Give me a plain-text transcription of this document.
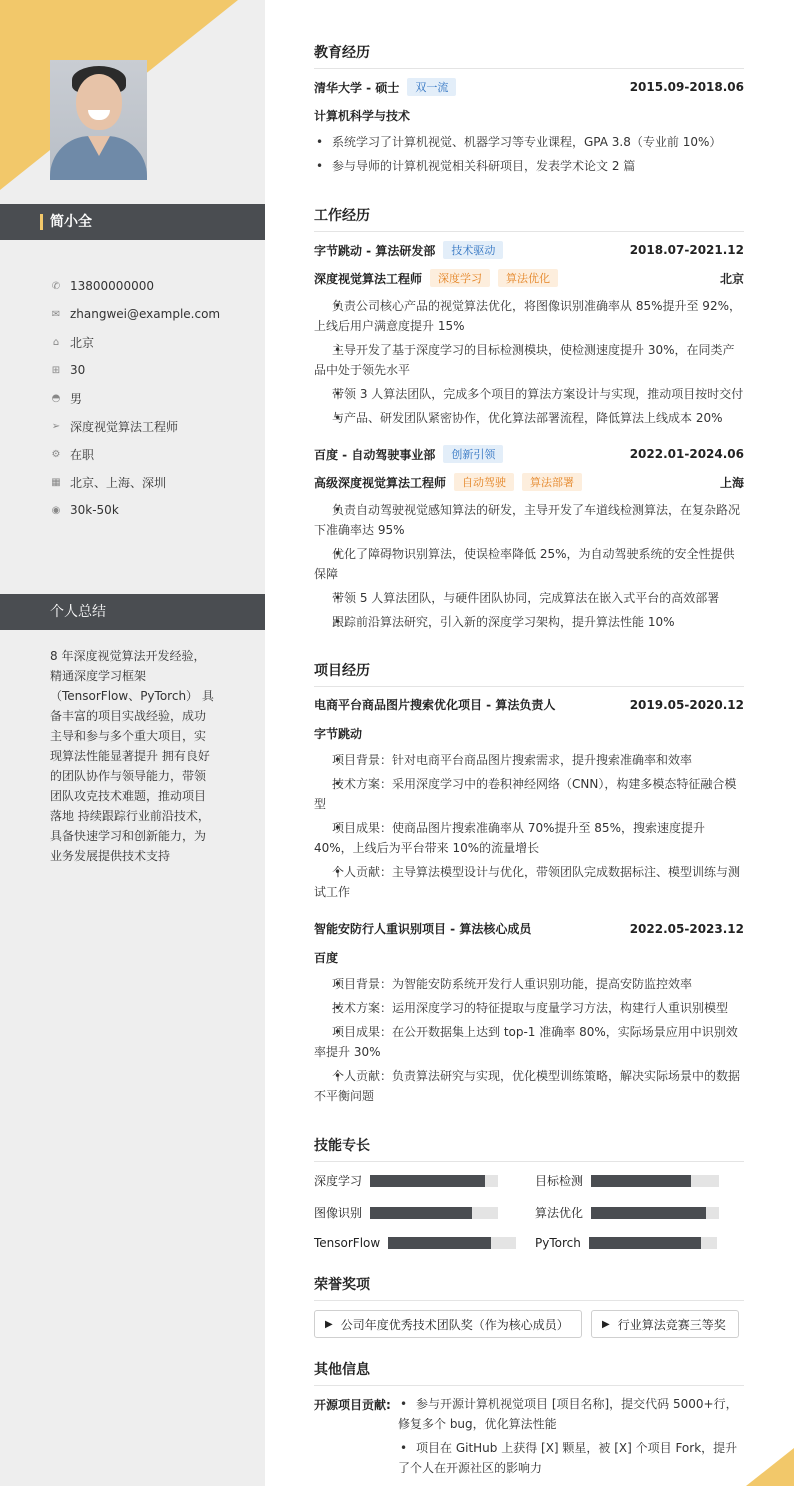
简小全
✆ 13800000000
✉ zhangwei@example.com
⌂ 北京
⊞ 30
◓ 男
➢ 深度视觉算法工程师
⚙ 在职
▦ 北京、上海、深圳
◉ 30k-50k
个人总结
8 年深度视觉算法开发经验，精通深度学习框架（TensorFlow、PyTorch） 具备丰富的项目实战经验，成功主导和参与多个重大项目，实现算法性能显著提升 拥有良好的团队协作与领导能力，带领团队攻克技术难题，推动项目落地 持续跟踪行业前沿技术，具备快速学习和创新能力，为业务发展提供技术支持
教育经历
清华大学 - 硕士	双一流	2015.09-2018.06
计算机科学与技术
• 系统学习了计算机视觉、机器学习等专业课程，GPA 3.8（专业前 10%）
• 参与导师的计算机视觉相关科研项目，发表学术论文 2 篇
工作经历
字节跳动 - 算法研发部	技术驱动	2018.07-2021.12
深度视觉算法工程师	深度学习	算法优化	北京
• 负责公司核心产品的视觉算法优化，将图像识别准确率从 85%提升至 92%，上线后用户满意度提升 15%
• 主导开发了基于深度学习的目标检测模块，使检测速度提升 30%，在同类产品中处于领先水平
• 带领 3 人算法团队，完成多个项目的算法方案设计与实现，推动项目按时交付
• 与产品、研发团队紧密协作，优化算法部署流程，降低算法上线成本 20%
百度 - 自动驾驶事业部	创新引领	2022.01-2024.06
高级深度视觉算法工程师	自动驾驶	算法部署	上海
• 负责自动驾驶视觉感知算法的研发，主导开发了车道线检测算法，在复杂路况下准确率达 95%
• 优化了障碍物识别算法，使误检率降低 25%，为自动驾驶系统的安全性提供保障
• 带领 5 人算法团队，与硬件团队协同，完成算法在嵌入式平台的高效部署
• 跟踪前沿算法研究，引入新的深度学习架构，提升算法性能 10%
项目经历
电商平台商品图片搜索优化项目 - 算法负责人	2019.05-2020.12
字节跳动
• 项目背景：针对电商平台商品图片搜索需求，提升搜索准确率和效率
• 技术方案：采用深度学习中的卷积神经网络（CNN），构建多模态特征融合模型
• 项目成果：使商品图片搜索准确率从 70%提升至 85%，搜索速度提升 40%，上线后为平台带来 10%的流量增长
• 个人贡献：主导算法模型设计与优化，带领团队完成数据标注、模型训练与测试工作
智能安防行人重识别项目 - 算法核心成员	2022.05-2023.12
百度
• 项目背景：为智能安防系统开发行人重识别功能，提高安防监控效率
• 技术方案：运用深度学习的特征提取与度量学习方法，构建行人重识别模型
• 项目成果：在公开数据集上达到 top-1 准确率 80%，实际场景应用中识别效率提升 30%
• 个人贡献：负责算法研究与实现，优化模型训练策略，解决实际场景中的数据不平衡问题
技能专长
深度学习	目标检测
图像识别	算法优化
TensorFlow	PyTorch
荣誉奖项
▶ 公司年度优秀技术团队奖（作为核心成员）	▶ 行业算法竞赛三等奖
其他信息
开源项目贡献:
•	参与开源计算机视觉项目 [项目名称]，提交代码 5000+行，修复多个 bug，优化算法性能
• 项目在 GitHub 上获得 [X] 颗星，被 [X] 个项目 Fork，提升了个人在开源社区的影响力
